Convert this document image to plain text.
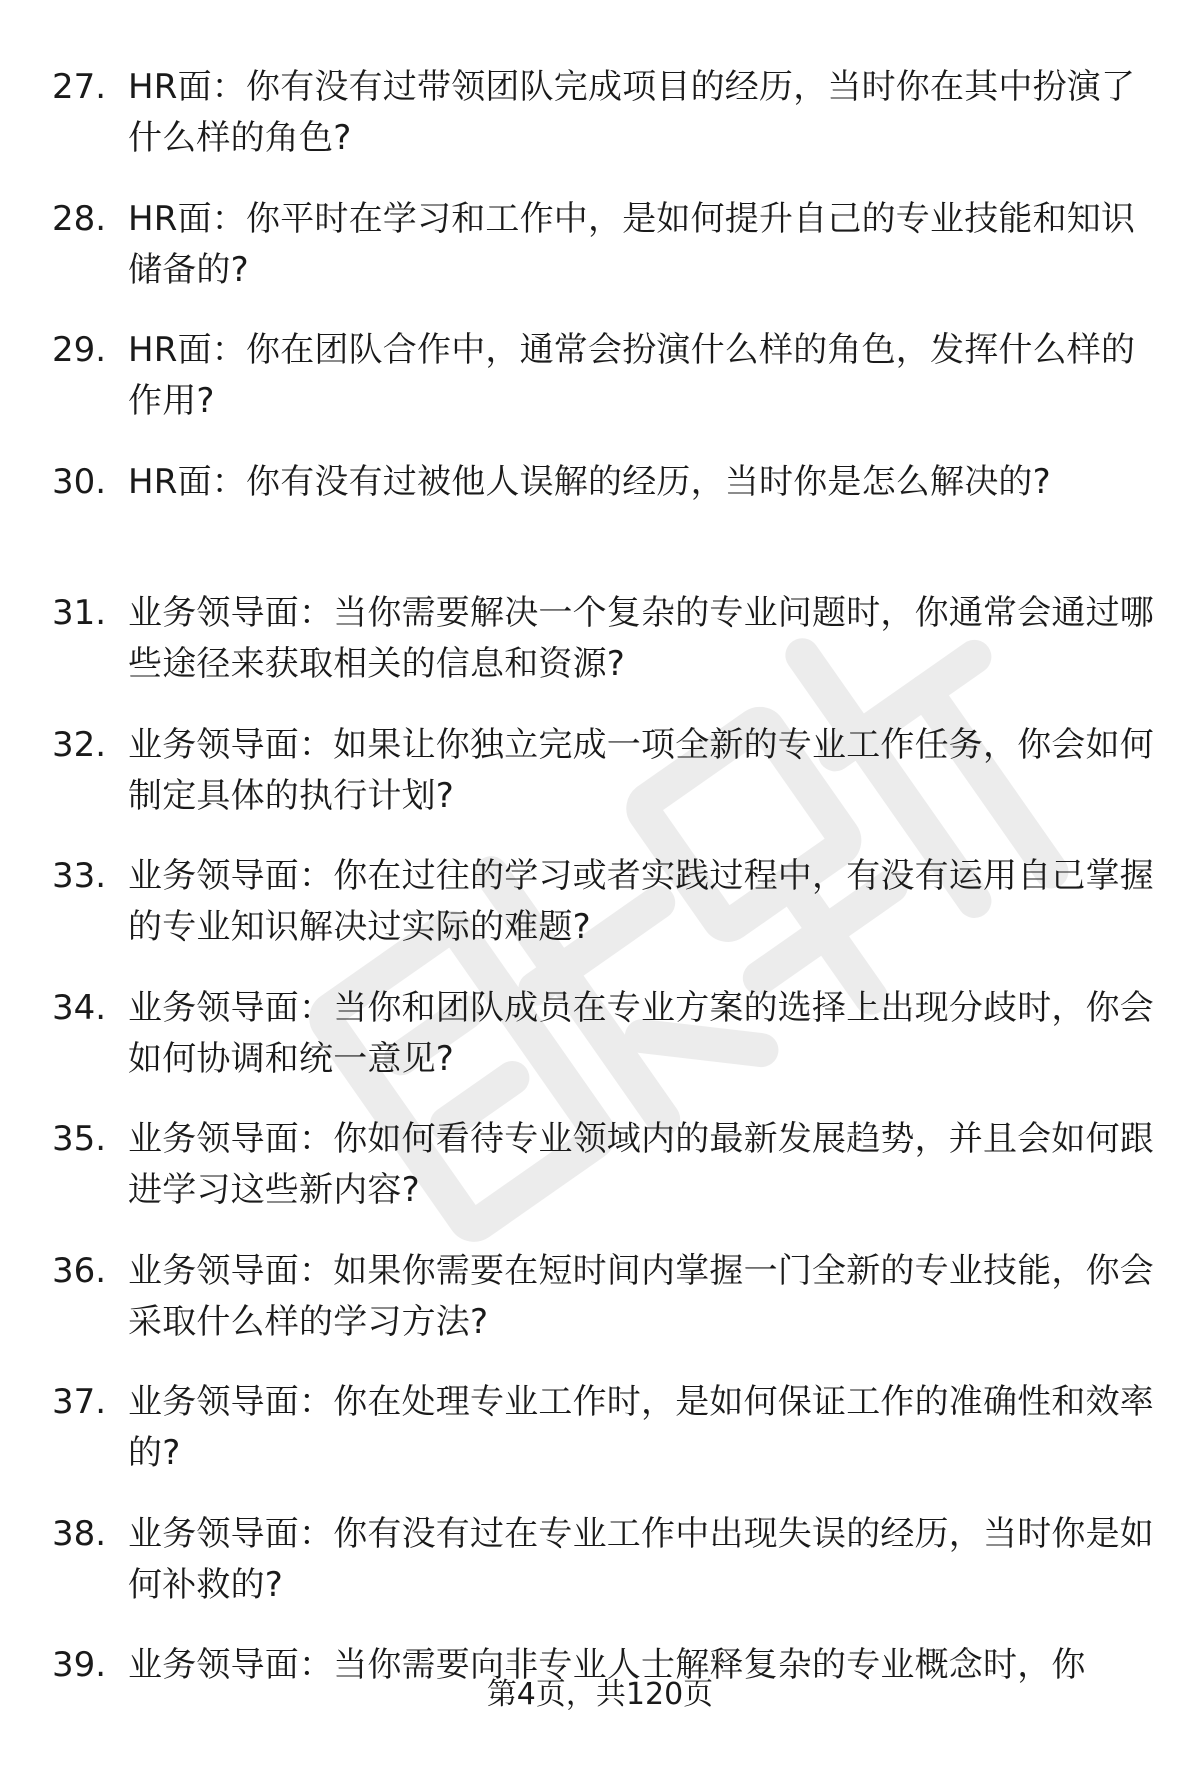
27. HR面：你有没有过带领团队完成项目的经历，当时你在其中扮演了什么样的角色?
28. HR面：你平时在学习和工作中，是如何提升自己的专业技能和知识储备的?
29. HR面：你在团队合作中，通常会扮演什么样的角色，发挥什么样的作用?
30. HR面：你有没有过被他人误解的经历，当时你是怎么解决的?
31. 业务领导面：当你需要解决一个复杂的专业问题时，你通常会通过哪些途径来获取相关的信息和资源?
32. 业务领导面：如果让你独立完成一项全新的专业工作任务，你会如何制定具体的执行计划?
33. 业务领导面：你在过往的学习或者实践过程中，有没有运用自己掌握的专业知识解决过实际的难题?
34. 业务领导面：当你和团队成员在专业方案的选择上出现分歧时，你会如何协调和统一意见?
35. 业务领导面：你如何看待专业领域内的最新发展趋势，并且会如何跟进学习这些新内容?
36. 业务领导面：如果你需要在短时间内掌握一门全新的专业技能，你会采取什么样的学习方法?
37. 业务领导面：你在处理专业工作时，是如何保证工作的准确性和效率的?
38. 业务领导面：你有没有过在专业工作中出现失误的经历，当时你是如何补救的?
39. 业务领导面：当你需要向非专业人士解释复杂的专业概念时，你
第4页，共120页
